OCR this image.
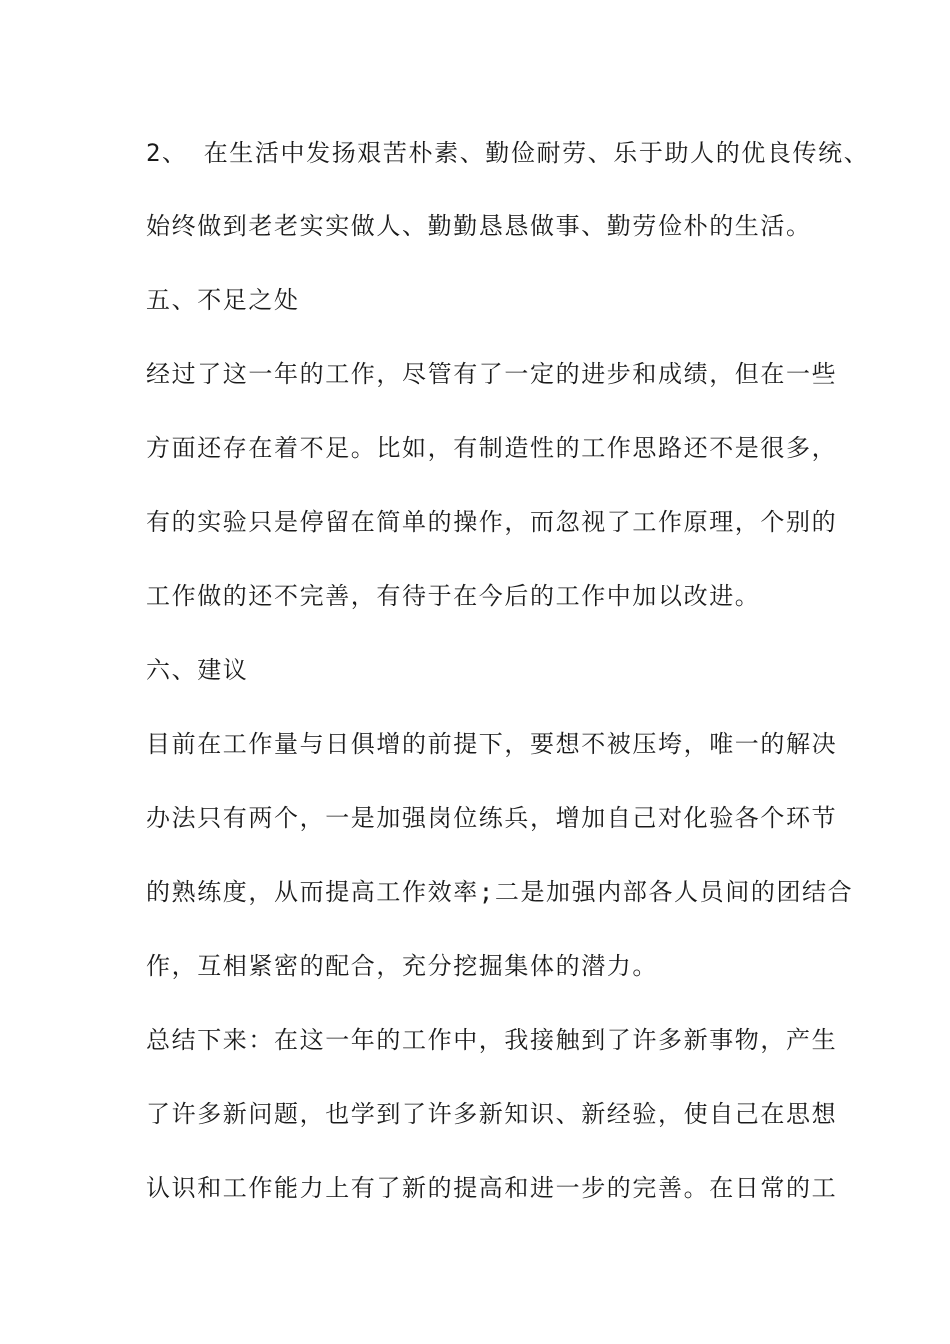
2、 在生活中发扬艰苦朴素、勤俭耐劳、乐于助人的优良传统、
始终做到老老实实做人、勤勤恳恳做事、勤劳俭朴的生活。
五、不足之处
经过了这一年的工作，尽管有了一定的进步和成绩，但在一些
方面还存在着不足。比如，有制造性的工作思路还不是很多，
有的实验只是停留在简单的操作，而忽视了工作原理，个别的
工作做的还不完善，有待于在今后的工作中加以改进。
六、建议
目前在工作量与日俱增的前提下，要想不被压垮，唯一的解决
办法只有两个，一是加强岗位练兵，增加自己对化验各个环节
的熟练度，从而提高工作效率;二是加强内部各人员间的团结合
作，互相紧密的配合，充分挖掘集体的潜力。
总结下来：在这一年的工作中，我接触到了许多新事物，产生
了许多新问题，也学到了许多新知识、新经验，使自己在思想
认识和工作能力上有了新的提高和进一步的完善。在日常的工
